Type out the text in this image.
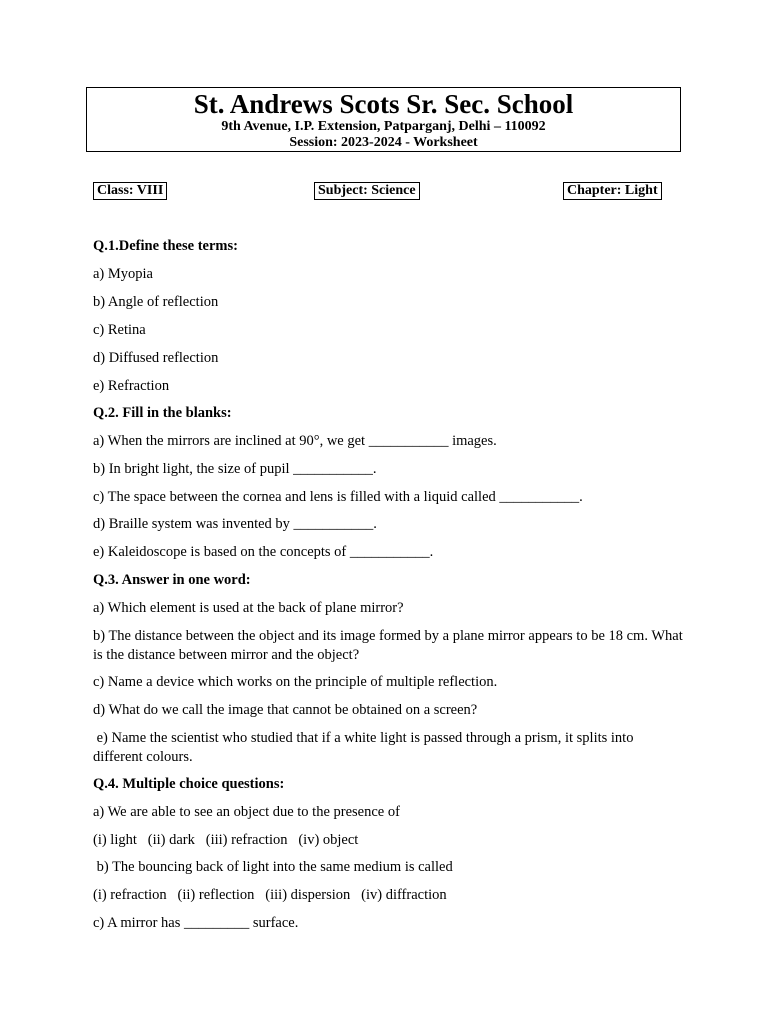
St. Andrews Scots Sr. Sec. School
9th Avenue, I.P. Extension, Patparganj, Delhi – 110092
Session: 2023-2024 - Worksheet
Class: VIII	Subject: Science	Chapter: Light
Q.1.Define these terms:
a) Myopia
b) Angle of reflection
c) Retina
d) Diffused reflection
e) Refraction
Q.2. Fill in the blanks:
a) When the mirrors are inclined at 90°, we get ___________ images.
b) In bright light, the size of pupil ___________.
c) The space between the cornea and lens is filled with a liquid called ___________.
d) Braille system was invented by ___________.
e) Kaleidoscope is based on the concepts of ___________.
Q.3. Answer in one word:
a) Which element is used at the back of plane mirror?
b) The distance between the object and its image formed by a plane mirror appears to be 18 cm. What is the distance between mirror and the object?
c) Name a device which works on the principle of multiple reflection.
d) What do we call the image that cannot be obtained on a screen?
e) Name the scientist who studied that if a white light is passed through a prism, it splits into different colours.
Q.4. Multiple choice questions:
a) We are able to see an object due to the presence of
(i) light   (ii) dark   (iii) refraction   (iv) object
b) The bouncing back of light into the same medium is called
(i) refraction   (ii) reflection   (iii) dispersion   (iv) diffraction
c) A mirror has _________ surface.
